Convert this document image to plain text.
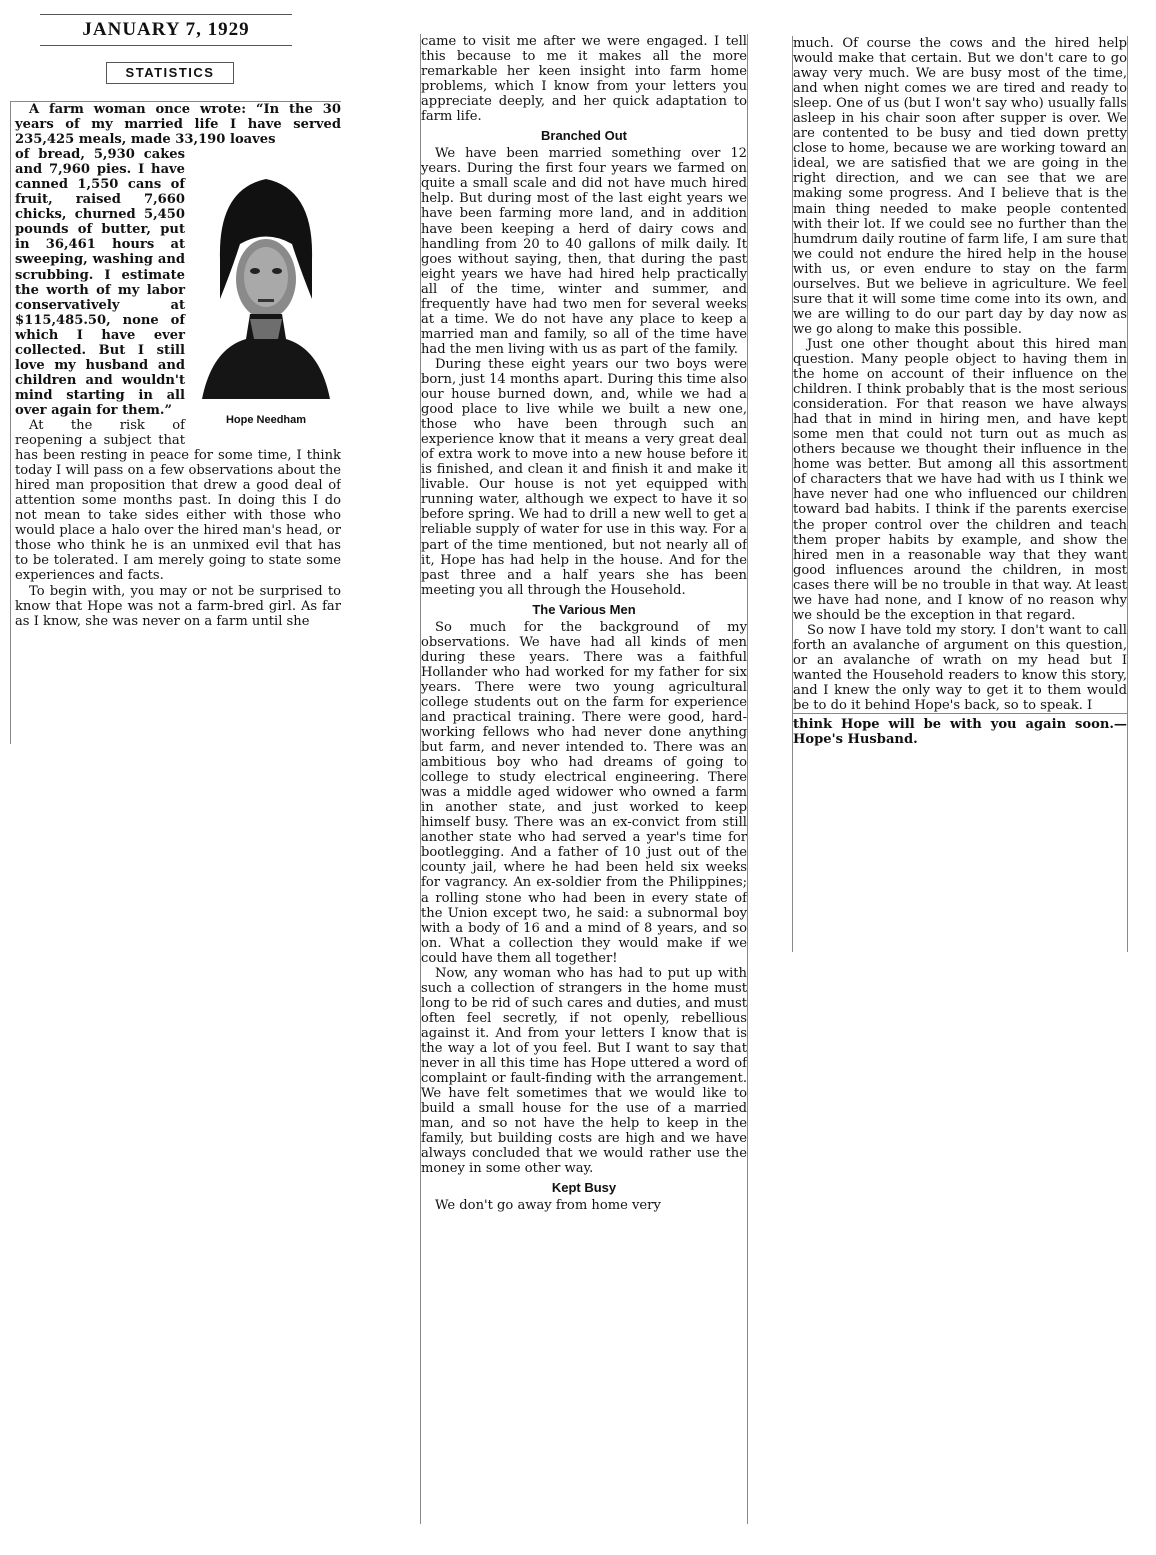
JANUARY 7, 1929
STATISTICS

A farm woman once wrote: “In the 30 years of my married life I have served 235,425 meals, made 33,190 loaves

Hope Needham

of bread, 5,930 cakes and 7,960 pies. I have canned 1,550 cans of fruit, raised 7,660 chicks, churned 5,450 pounds of butter, put in 36,461 hours at sweeping, washing and scrubbing. I estimate the worth of my labor conservatively at $115,485.50, none of which I have ever collected. But I still love my husband and children and wouldn't mind starting in all over again for them.”

At the risk of reopening a subject that has been resting in peace for some time, I think today I will pass on a few observations about the hired man proposition that drew a good deal of attention some months past. In doing this I do not mean to take sides either with those who would place a halo over the hired man's head, or those who think he is an unmixed evil that has to be tolerated. I am merely going to state some experiences and facts.

To begin with, you may or not be surprised to know that Hope was not a farm-bred girl. As far as I know, she was never on a farm until she

came to visit me after we were engaged. I tell this because to me it makes all the more remarkable her keen insight into farm home problems, which I know from your letters you appreciate deeply, and her quick adaptation to farm life.

Branched Out

We have been married something over 12 years. During the first four years we farmed on quite a small scale and did not have much hired help. But during most of the last eight years we have been farming more land, and in addition have been keeping a herd of dairy cows and handling from 20 to 40 gallons of milk daily. It goes without saying, then, that during the past eight years we have had hired help practically all of the time, winter and summer, and frequently have had two men for several weeks at a time. We do not have any place to keep a married man and family, so all of the time have had the men living with us as part of the family.

During these eight years our two boys were born, just 14 months apart. During this time also our house burned down, and, while we had a good place to live while we built a new one, those who have been through such an experience know that it means a very great deal of extra work to move into a new house before it is finished, and clean it and finish it and make it livable. Our house is not yet equipped with running water, although we expect to have it so before spring. We had to drill a new well to get a reliable supply of water for use in this way. For a part of the time mentioned, but not nearly all of it, Hope has had help in the house. And for the past three and a half years she has been meeting you all through the Household.

The Various Men

So much for the background of my observations. We have had all kinds of men during these years. There was a faithful Hollander who had worked for my father for six years. There were two young agricultural college students out on the farm for experience and practical training. There were good, hard-working fellows who had never done anything but farm, and never intended to. There was an ambitious boy who had dreams of going to college to study electrical engineering. There was a middle aged widower who owned a farm in another state, and just worked to keep himself busy. There was an ex-convict from still another state who had served a year's time for bootlegging. And a father of 10 just out of the county jail, where he had been held six weeks for vagrancy. An ex-soldier from the Philippines; a rolling stone who had been in every state of the Union except two, he said: a subnormal boy with a body of 16 and a mind of 8 years, and so on. What a collection they would make if we could have them all together!

Now, any woman who has had to put up with such a collection of strangers in the home must long to be rid of such cares and duties, and must often feel secretly, if not openly, rebellious against it. And from your letters I know that is the way a lot of you feel. But I want to say that never in all this time has Hope uttered a word of complaint or fault-finding with the arrangement. We have felt sometimes that we would like to build a small house for the use of a married man, and so not have the help to keep in the family, but building costs are high and we have always concluded that we would rather use the money in some other way.

Kept Busy

We don't go away from home very

much. Of course the cows and the hired help would make that certain. But we don't care to go away very much. We are busy most of the time, and when night comes we are tired and ready to sleep. One of us (but I won't say who) usually falls asleep in his chair soon after supper is over. We are contented to be busy and tied down pretty close to home, because we are working toward an ideal, we are satisfied that we are going in the right direction, and we can see that we are making some progress. And I believe that is the main thing needed to make people contented with their lot. If we could see no further than the humdrum daily routine of farm life, I am sure that we could not endure the hired help in the house with us, or even endure to stay on the farm ourselves. But we believe in agriculture. We feel sure that it will some time come into its own, and we are willing to do our part day by day now as we go along to make this possible.

Just one other thought about this hired man question. Many people object to having them in the home on account of their influence on the children. I think probably that is the most serious consideration. For that reason we have always had that in mind in hiring men, and have kept some men that could not turn out as much as others because we thought their influence in the home was better. But among all this assortment of characters that we have had with us I think we have never had one who influenced our children toward bad habits. I think if the parents exercise the proper control over the children and teach them proper habits by example, and show the hired men in a reasonable way that they want good influences around the children, in most cases there will be no trouble in that way. At least we have had none, and I know of no reason why we should be the exception in that regard.

So now I have told my story. I don't want to call forth an avalanche of argument on this question, or an avalanche of wrath on my head but I wanted the Household readers to know this story, and I knew the only way to get it to them would be to do it behind Hope's back, so to speak. I

think Hope will be with you again soon.—Hope's Husband.
